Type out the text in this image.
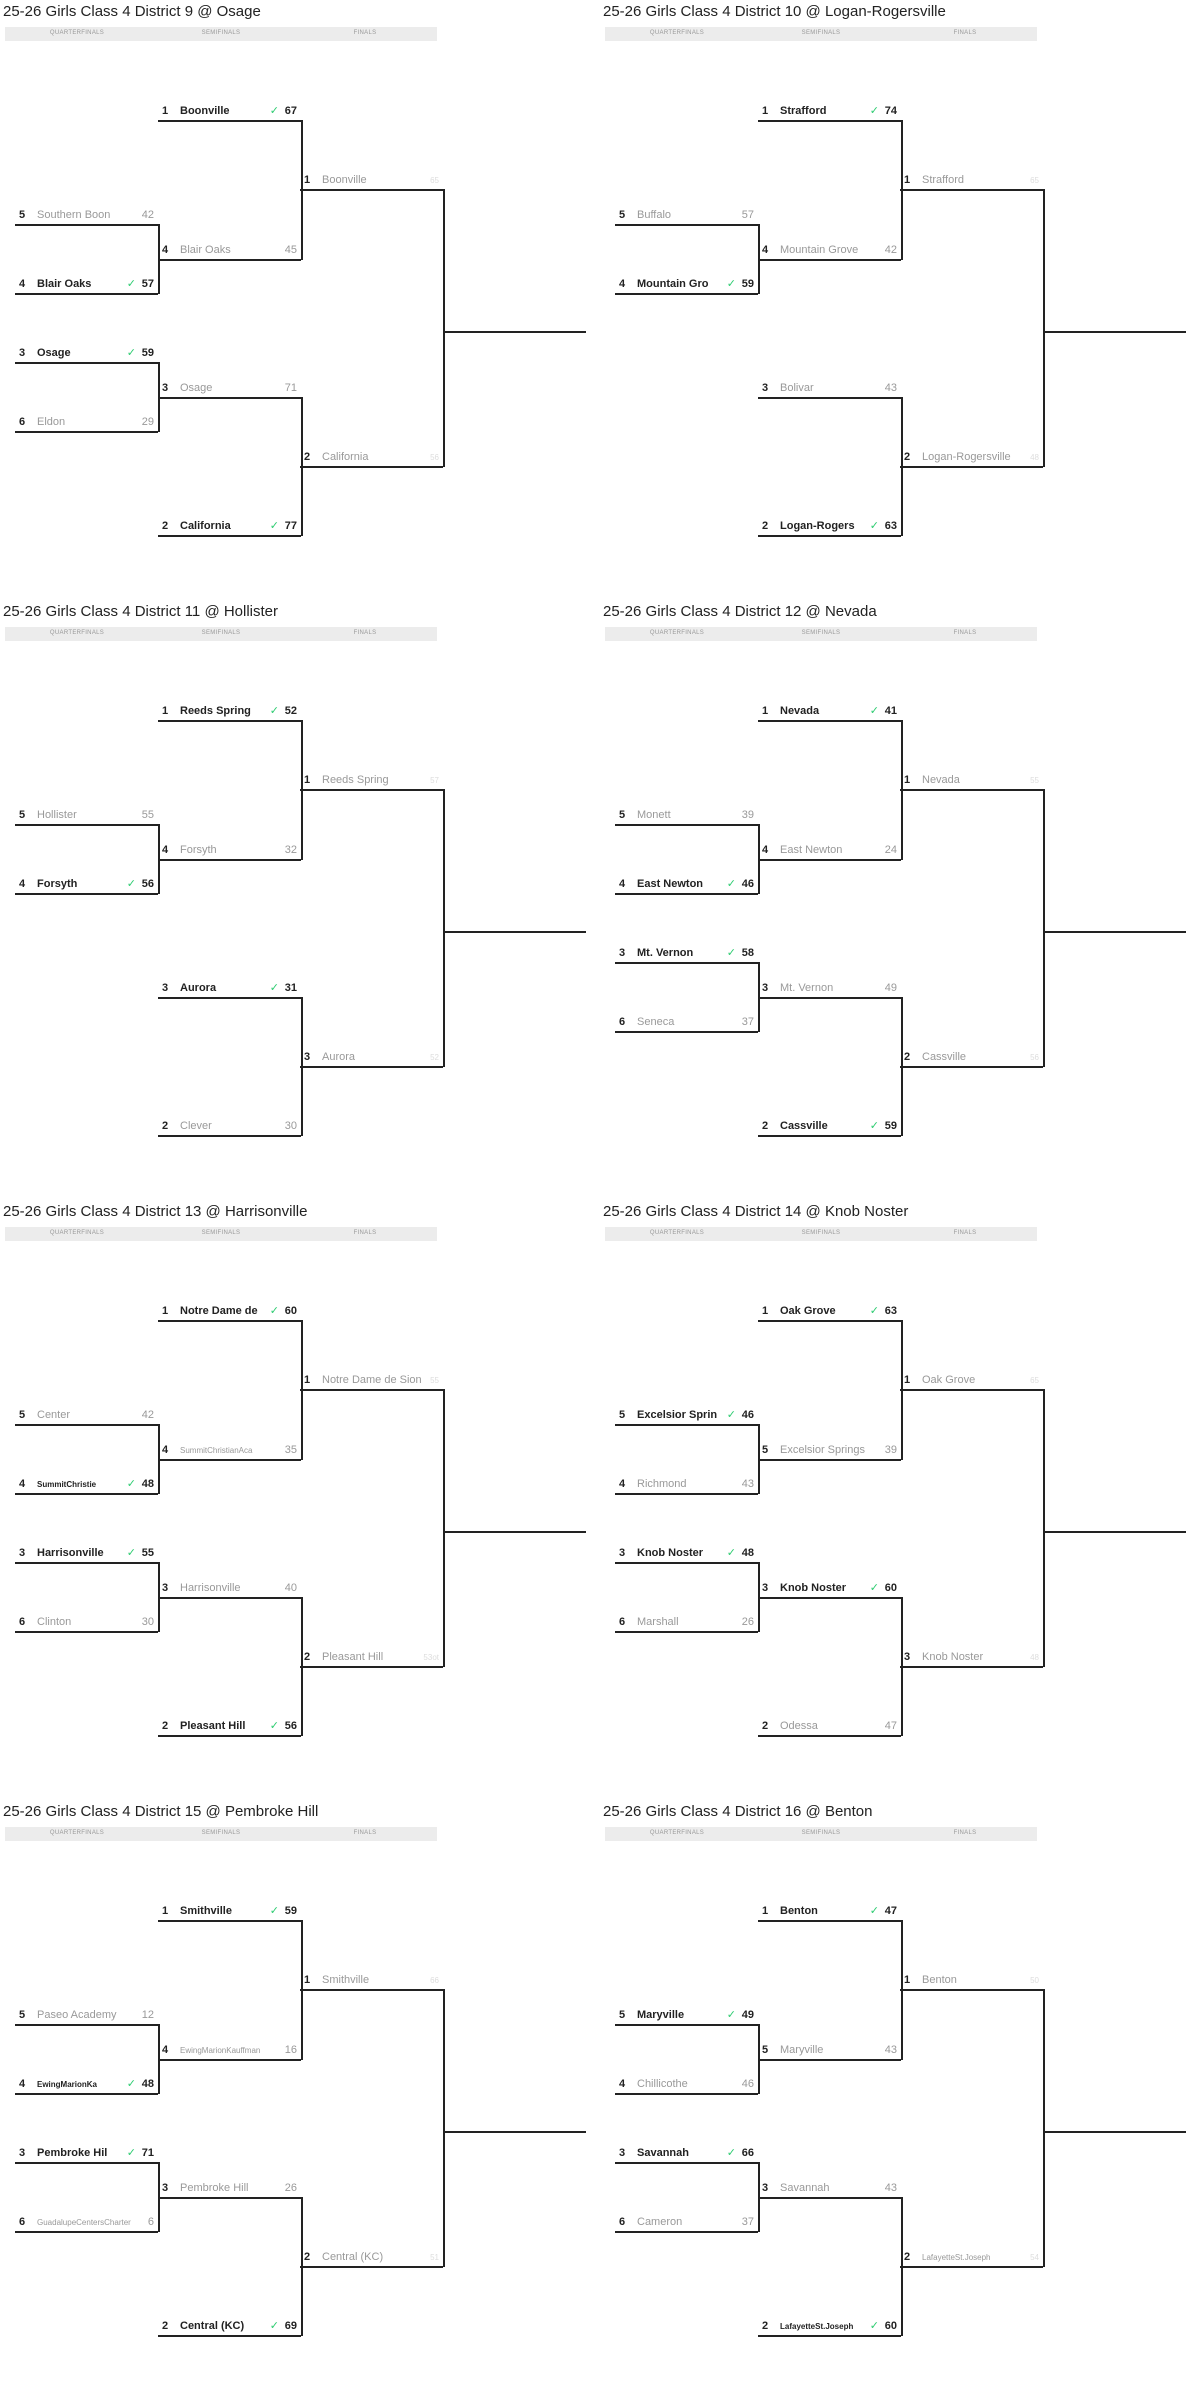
25-26 Girls Class 4 District 9 @ Osage
QUARTERFINALS	SEMIFINALS	FINALS
1 Boonville	✓ 67
4 Blair Oaks	45
3 Osage	71
2 California	✓ 77
5 Southern Boon	42
4 Blair Oaks	✓ 57
3 Osage	✓ 59
6 Eldon	29
1 Boonville	65
2 California	56
25-26 Girls Class 4 District 10 @ Logan-Rogersville
QUARTERFINALS	SEMIFINALS	FINALS
1 Strafford	✓ 74
4 Mountain Grove	42
3 Bolivar	43
2 Logan-Rogers	✓ 63
5 Buffalo	57
4 Mountain Gro	✓ 59
1 Strafford	65
2 Logan-Rogersville 48
25-26 Girls Class 4 District 11 @ Hollister
QUARTERFINALS	SEMIFINALS	FINALS
1 Reeds Spring	✓ 52
4 Forsyth	32
3 Aurora	✓ 31
2 Clever	30
5 Hollister	55
4 Forsyth	✓ 56
1 Reeds Spring	57
3 Aurora	52
25-26 Girls Class 4 District 12 @ Nevada
QUARTERFINALS	SEMIFINALS	FINALS
1 Nevada	✓ 41
4 East Newton	24
3 Mt. Vernon	49
2 Cassville	✓ 59
5 Monett	39
4 East Newton	✓ 46
3 Mt. Vernon	✓ 58
6 Seneca	37
1 Nevada	55
2 Cassville	56
25-26 Girls Class 4 District 13 @ Harrisonville
QUARTERFINALS	SEMIFINALS	FINALS
1 Notre Dame de	✓ 60
4 SummitChristianAca	35
3 Harrisonville	40
2 Pleasant Hill	✓ 56
5 Center	42
4 SummitChristie	✓ 48
3 Harrisonville	✓ 55
6 Clinton	30
1 Notre Dame de Sion 55
2 Pleasant Hill	53ot
25-26 Girls Class 4 District 14 @ Knob Noster
QUARTERFINALS	SEMIFINALS	FINALS
1 Oak Grove	✓ 63
5 Excelsior Springs 39
3 Knob Noster	✓ 60
2 Odessa	47
5 Excelsior Sprin ✓ 46
4 Richmond	43
3 Knob Noster	✓ 48
6 Marshall	26
1 Oak Grove	65
3 Knob Noster	48
25-26 Girls Class 4 District 15 @ Pembroke Hill
QUARTERFINALS	SEMIFINALS	FINALS
1 Smithville	✓ 59
4 EwingMarionKauffman	16
3 Pembroke Hill	26
2 Central (KC)	✓ 69
5 Paseo Academy	12
4 EwingMarionKa	✓ 48
3 Pembroke Hil	✓ 71
6 GuadalupeCentersCharter 6
1 Smithville	66
2 Central (KC)	51
25-26 Girls Class 4 District 16 @ Benton
QUARTERFINALS	SEMIFINALS	FINALS
1 Benton	✓ 47
5 Maryville	43
3 Savannah	43
2 LafayetteSt.Joseph	✓ 60
5 Maryville	✓ 49
4 Chillicothe	46
3 Savannah	✓ 66
6 Cameron	37
1 Benton	50
2 LafayetteSt.Joseph	54
